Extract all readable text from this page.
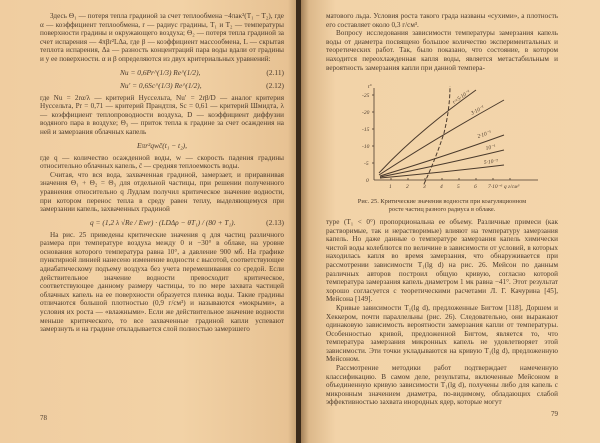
Здесь Θ₁ — потеря тепла градиной за счет теплообмена −4πaκ²(T₁ − T₂), где α — коэффициент теплообмена, r — радиус градины, T₁ и T₂ — температуры поверхности градины и окружающего воздуха; Θ₂ — потеря тепла градиной за счет испарения — 4πβr²LΔa, где β — коэффициент массообмена, L — скрытая теплота испарения, Δa — разность концентраций пара воды вдали от градины и у ее поверхности. α и β определяются из двух критериальных уравнений:

Nu = 0,6Pr^(1/3) Re^(1/2),	(2.11)
Nu′ = 0,6Sc^(1/3) Re^(1/2),	(2.12)

где Nu = 2rα/λ — критерий Нуссельта, Nu′ = 2rβ/D — аналог критерия Нуссельта, Pr = 0,71 — критерий Прандтля, Sc = 0,61 — критерий Шмидта, λ — коэффициент теплопроводности воздуха, D — коэффициент диффузии водяного пара в воздухе; Θ₃ — приток тепла к градине за счет осаждения на ней и замерзания облачных капель

Eπr²qwc̄(t₁ − t₂),

где q — количество осажденной воды, w — скорость падения градины относительно облачных капель, c̄ — средняя теплоемкость воды.

Считая, что вся вода, захваченная градиной, замерзает, и приравнивая значения Θ₁ + Θ₂ = Θ₃ для отдельной частицы, при решении полученного уравнения относительно q Лудлам получил критическое значение водности, при котором перенос тепла в среду равен теплу, выделяющемуся при замерзании капель, захваченных градиной

q = (1,2 λ √Re / Ewr) · (LDΔρ − θT₁) / (80 + T₁).	(2.13)

На рис. 25 приведены критические значения q для частиц различного размера при температуре воздуха между 0 и −30° в облаке, на уровне основания которого температура равна 10°, а давление 900 мб. На графике пунктирной линией нанесено изменение водности с высотой, соответствующее адиабатическому подъему воздуха без учета перемешивания со средой. Если действительное значение водности превосходит критическое, соответствующее данному размеру частицы, то по мере захвата частицей облачных капель на ее поверхности образуется пленка воды. Такие градины отличаются большой плотностью (0,9 г/см³) и называются «мокрыми», а условия их роста — «влажными». Если же действительное значение водности меньше критического, то все захваченные градиной капли успевают замерзнуть и на градине откладывается слой полностью замерзшего

78

матового льда. Условия роста такого града названы «сухими», а плотность его составляет около 0,3 г/см³.

Вопросу исследования зависимости температуры замерзания капель воды от диаметра посвящено большое количество экспериментальных и теоретических работ. Так, было показано, что состояние, в котором находится переохлажденная капля воды, является метастабильным и вероятность замерзания капли при данной темпера-

t°
-25
-20
-15
-10
-5
0
1	2	3	4	5	6 7·10⁻⁶ q г/см³
r=5·10⁻¹
3·10⁻¹
2·10⁻¹
10⁻¹
5·10⁻²

Рис. 25. Критические значения водности при коагуляционном росте частиц разного радиуса в облаке.

туре (T₁ < 0°) пропорциональна ее объему. Различные примеси (как растворимые, так и нерастворимые) влияют на температуру замерзания капель. Но даже данные о температуре замерзания капель химически чистой воды колеблются по величине в зависимости от условий, в которых находилась капля во время замерзания, что обнаруживается при рассмотрении зависимости T₁(lg d) на рис. 26. Мейсон по данным различных авторов построил общую кривую, согласно которой температура замерзания капель диаметром 1 мк равна −41°. Этот результат хорошо согласуется с теоретическими расчетами Л. Г. Качурина [45], Мейсона [149].

Кривые зависимости T₁(lg d), предложенные Бигтом [118], Доршем и Хеккером, почти параллельны (рис. 26). Следовательно, они выражают одинаковую зависимость вероятности замерзания капли от температуры. Особенностью кривой, предложенной Бигтом, является то, что температура замерзания микронных капель не удовлетворяет этой зависимости. Эти точки укладываются на кривую T₁(lg d), предложенную Мейсоном.

Рассмотрение методики работ подтверждает намеченную классификацию. В самом деле, результаты, включенные Мейсоном в объединенную кривую зависимости T₁(lg d), получены либо для капель с микронным значением диаметра, по-видимому, обладающих слабой эффективностью захвата инородных ядер, которые могут

79
